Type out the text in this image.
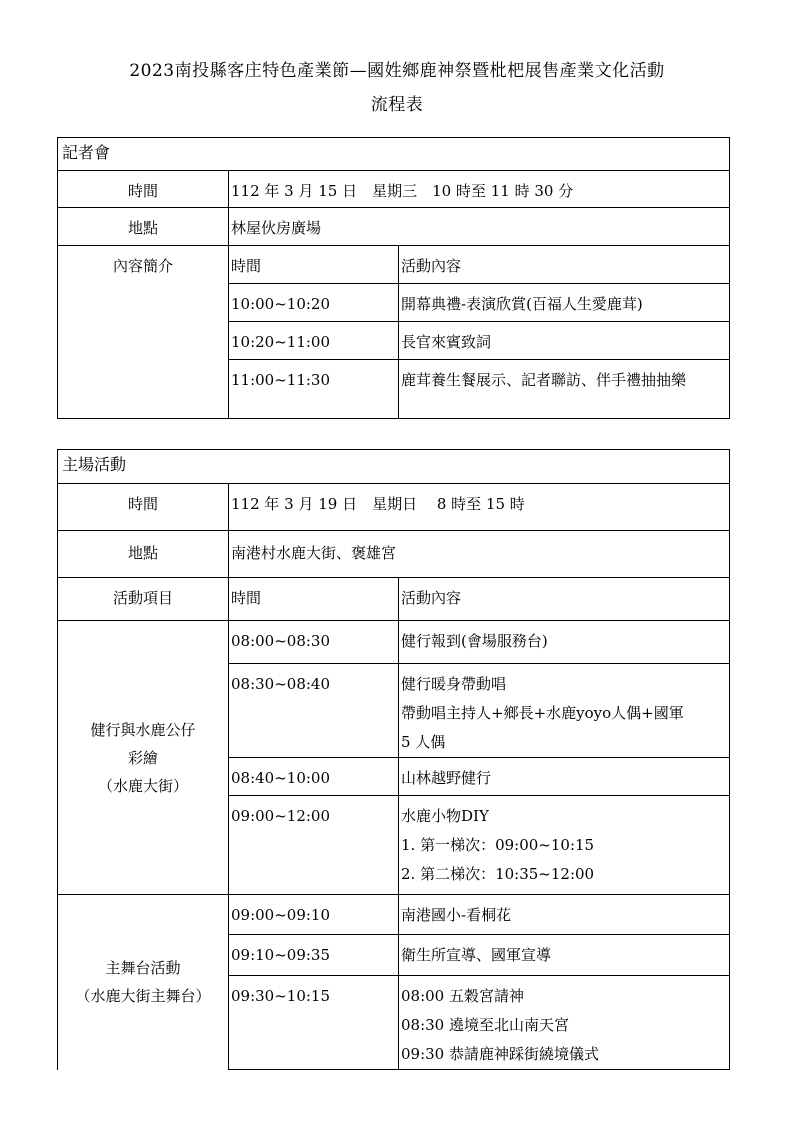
2023南投縣客庄特色產業節—國姓鄉鹿神祭暨枇杷展售產業文化活動
流程表
記者會		
時間	112 年 3 月 15 日　星期三　10 時至 11 時 30 分	
地點	林屋伙房廣場	
內容簡介	時間	活動內容
	10:00~10:20	開幕典禮-表演欣賞(百福人生愛鹿茸)
	10:20~11:00	長官來賓致詞
	11:00~11:30	鹿茸養生餐展示、記者聯訪、伴手禮抽抽樂
主場活動		
時間	112 年 3 月 19 日　星期日　 8 時至 15 時	
地點	南港村水鹿大街、褒雄宮	
活動項目	時間	活動內容

健行與水鹿公仔
彩繪
（水鹿大街）	08:00~08:30	健行報到(會場服務台)

	08:30~08:40	健行暖身帶動唱
帶動唱主持人+鄉長+水鹿yoyo人偶+國軍
5 人偶

	08:40~10:00	山林越野健行

	09:00~12:00	水鹿小物DIY
1. 第一梯次：09:00~10:15
2. 第二梯次：10:35~12:00

主舞台活動
（水鹿大街主舞台）	09:00~09:10	南港國小-看桐花

	09:10~09:35	衛生所宣導、國軍宣導

	09:30~10:15	08:00 五穀宮請神
08:30 遶境至北山南天宮
09:30 恭請鹿神踩街繞境儀式
